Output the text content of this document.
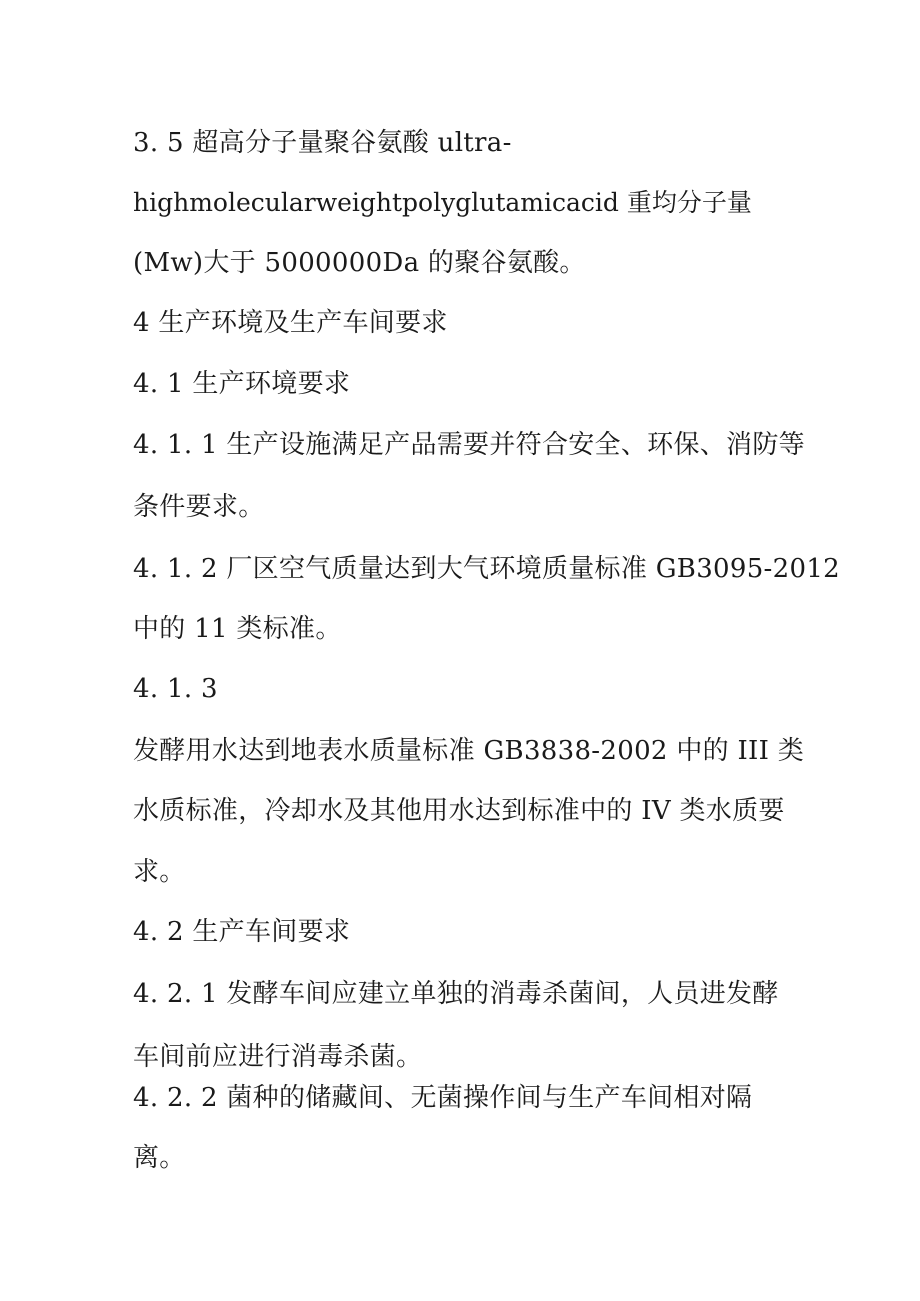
3. 5 超高分子量聚谷氨酸 ultra-

highmolecularweightpolyglutamicacid 重均分子量

(Mw)大于 5000000Da 的聚谷氨酸。

4 生产环境及生产车间要求

4. 1 生产环境要求

4. 1. 1 生产设施满足产品需要并符合安全、环保、消防等

条件要求。

4. 1. 2 厂区空气质量达到大气环境质量标准 GB3095-2012

中的 11 类标准。

4. 1. 3

发酵用水达到地表水质量标准 GB3838-2002 中的 III 类

水质标准，冷却水及其他用水达到标准中的 IV 类水质要

求。

4. 2 生产车间要求

4. 2. 1 发酵车间应建立单独的消毒杀菌间，人员进发酵

车间前应进行消毒杀菌。

4. 2. 2 菌种的储藏间、无菌操作间与生产车间相对隔

离。
